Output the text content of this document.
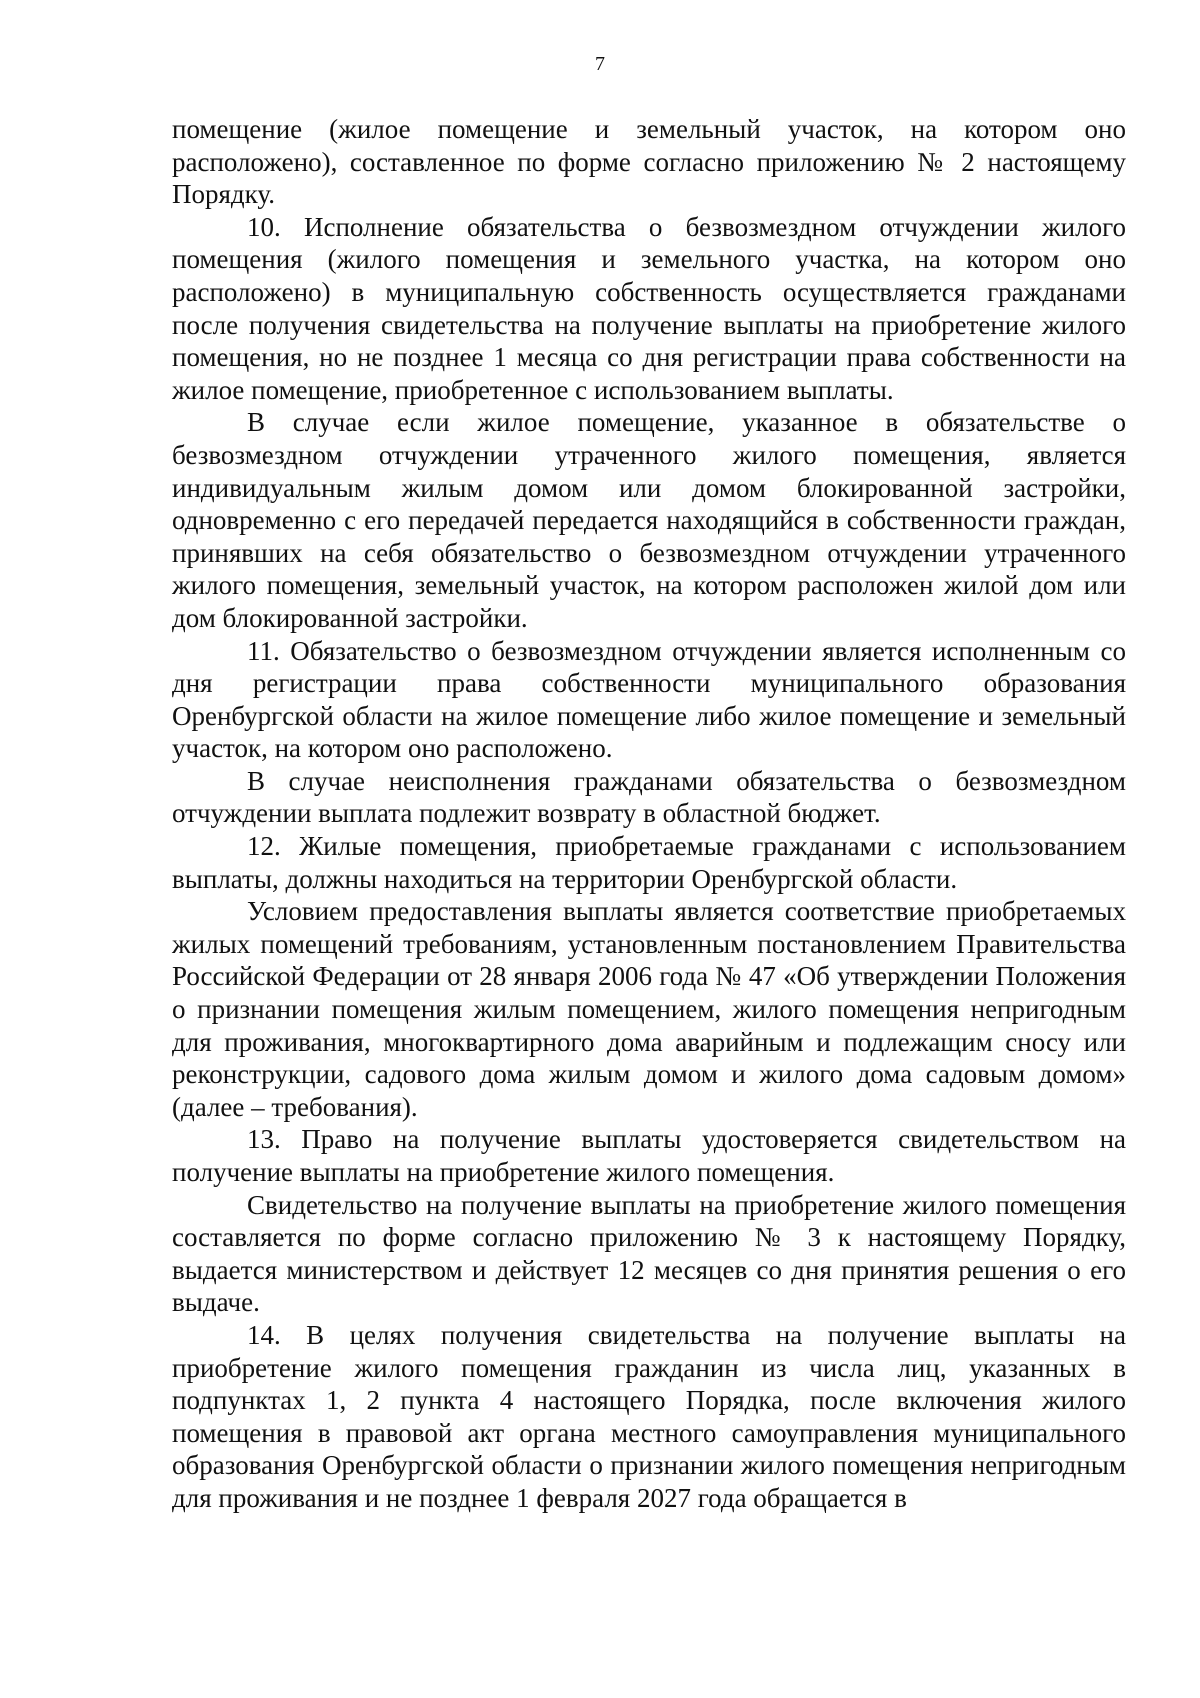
7

помещение (жилое помещение и земельный участок, на котором оно расположено), составленное по форме согласно приложению № 2 настоящему Порядку.

10. Исполнение обязательства о безвозмездном отчуждении жилого помещения (жилого помещения и земельного участка, на котором оно расположено) в муниципальную собственность осуществляется гражданами после получения свидетельства на получение выплаты на приобретение жилого помещения, но не позднее 1 месяца со дня регистрации права собственности на жилое помещение, приобретенное с использованием выплаты.

В случае если жилое помещение, указанное в обязательстве о безвозмездном отчуждении утраченного жилого помещения, является индивидуальным жилым домом или домом блокированной застройки, одновременно с его передачей передается находящийся в собственности граждан, принявших на себя обязательство о безвозмездном отчуждении утраченного жилого помещения, земельный участок, на котором расположен жилой дом или дом блокированной застройки.

11. Обязательство о безвозмездном отчуждении является исполненным со дня регистрации права собственности муниципального образования Оренбургской области на жилое помещение либо жилое помещение и земельный участок, на котором оно расположено.

В случае неисполнения гражданами обязательства о безвозмездном отчуждении выплата подлежит возврату в областной бюджет.

12. Жилые помещения, приобретаемые гражданами с использованием выплаты, должны находиться на территории Оренбургской области.

Условием предоставления выплаты является соответствие приобретаемых жилых помещений требованиям, установленным постановлением Правительства Российской Федерации от 28 января 2006 года № 47 «Об утверждении Положения о признании помещения жилым помещением, жилого помещения непригодным для проживания, многоквартирного дома аварийным и подлежащим сносу или реконструкции, садового дома жилым домом и жилого дома садовым домом» (далее – требования).

13. Право на получение выплаты удостоверяется свидетельством на получение выплаты на приобретение жилого помещения.

Свидетельство на получение выплаты на приобретение жилого помещения составляется по форме согласно приложению № 3 к настоящему Порядку, выдается министерством и действует 12 месяцев со дня принятия решения о его выдаче.

14. В целях получения свидетельства на получение выплаты на приобретение жилого помещения гражданин из числа лиц, указанных в подпунктах 1, 2 пункта 4 настоящего Порядка, после включения жилого помещения в правовой акт органа местного самоуправления муниципального образования Оренбургской области о признании жилого помещения непригодным для проживания и не позднее 1 февраля 2027 года обращается в
